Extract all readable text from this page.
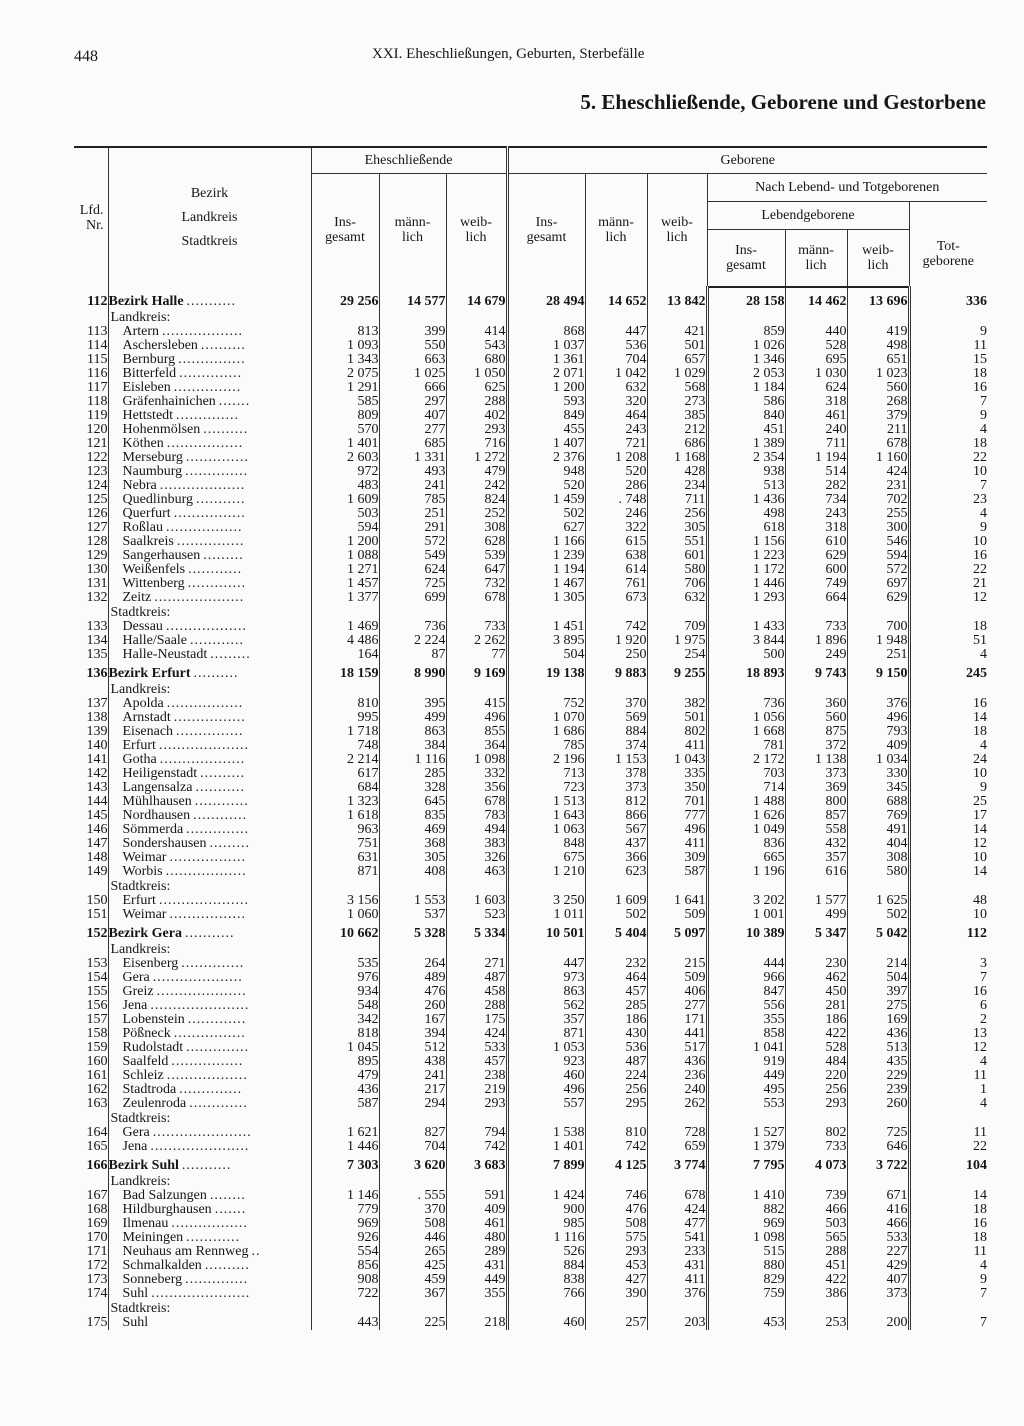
448	XXI. Eheschließungen, Geburten, Sterbefälle
5. Eheschließende, Geborene und Gestorbene
Lfd. Nr.	Bezirk
Landkreis
Stadtkreis	Eheschließende			Geborene						
		Ins- gesamt	männ- lich	weib- lich	Ins- gesamt	männ- lich	weib- lich	Nach Lebend- und Totgeborenen			
								Lebendgeborene			Tot- geborene
								Ins- gesamt	männ- lich	weib- lich	
112	Bezirk Halle ...........	29 256	14 577	14 679	28 494	14 652	13 842	28 158	14 462	13 696	336
	Landkreis:										
113	Artern ..................	813	399	414	868	447	421	859	440	419	9
114	Aschersleben ..........	1 093	550	543	1 037	536	501	1 026	528	498	11
115	Bernburg ...............	1 343	663	680	1 361	704	657	1 346	695	651	15
116	Bitterfeld ..............	2 075	1 025	1 050	2 071	1 042	1 029	2 053	1 030	1 023	18
117	Eisleben ...............	1 291	666	625	1 200	632	568	1 184	624	560	16
118	Gräfenhainichen .......	585	297	288	593	320	273	586	318	268	7
119	Hettstedt ..............	809	407	402	849	464	385	840	461	379	9
120	Hohenmölsen ..........	570	277	293	455	243	212	451	240	211	4
121	Köthen .................	1 401	685	716	1 407	721	686	1 389	711	678	18
122	Merseburg ..............	2 603	1 331	1 272	2 376	1 208	1 168	2 354	1 194	1 160	22
123	Naumburg ..............	972	493	479	948	520	428	938	514	424	10
124	Nebra ...................	483	241	242	520	286	234	513	282	231	7
125	Quedlinburg ...........	1 609	785	824	1 459	. 748	711	1 436	734	702	23
126	Querfurt ................	503	251	252	502	246	256	498	243	255	4
127	Roßlau .................	594	291	308	627	322	305	618	318	300	9
128	Saalkreis ...............	1 200	572	628	1 166	615	551	1 156	610	546	10
129	Sangerhausen .........	1 088	549	539	1 239	638	601	1 223	629	594	16
130	Weißenfels ............	1 271	624	647	1 194	614	580	1 172	600	572	22
131	Wittenberg .............	1 457	725	732	1 467	761	706	1 446	749	697	21
132	Zeitz ....................	1 377	699	678	1 305	673	632	1 293	664	629	12
	Stadtkreis:										
133	Dessau ..................	1 469	736	733	1 451	742	709	1 433	733	700	18
134	Halle/Saale ............	4 486	2 224	2 262	3 895	1 920	1 975	3 844	1 896	1 948	51
135	Halle-Neustadt .........	164	87	77	504	250	254	500	249	251	4
136	Bezirk Erfurt ..........	18 159	8 990	9 169	19 138	9 883	9 255	18 893	9 743	9 150	245
	Landkreis:										
137	Apolda .................	810	395	415	752	370	382	736	360	376	16
138	Arnstadt ................	995	499	496	1 070	569	501	1 056	560	496	14
139	Eisenach ...............	1 718	863	855	1 686	884	802	1 668	875	793	18
140	Erfurt ....................	748	384	364	785	374	411	781	372	409	4
141	Gotha ...................	2 214	1 116	1 098	2 196	1 153	1 043	2 172	1 138	1 034	24
142	Heiligenstadt ..........	617	285	332	713	378	335	703	373	330	10
143	Langensalza ...........	684	328	356	723	373	350	714	369	345	9
144	Mühlhausen ............	1 323	645	678	1 513	812	701	1 488	800	688	25
145	Nordhausen ............	1 618	835	783	1 643	866	777	1 626	857	769	17
146	Sömmerda ..............	963	469	494	1 063	567	496	1 049	558	491	14
147	Sondershausen .........	751	368	383	848	437	411	836	432	404	12
148	Weimar .................	631	305	326	675	366	309	665	357	308	10
149	Worbis ..................	871	408	463	1 210	623	587	1 196	616	580	14
	Stadtkreis:										
150	Erfurt ....................	3 156	1 553	1 603	3 250	1 609	1 641	3 202	1 577	1 625	48
151	Weimar .................	1 060	537	523	1 011	502	509	1 001	499	502	10
152	Bezirk Gera ...........	10 662	5 328	5 334	10 501	5 404	5 097	10 389	5 347	5 042	112
	Landkreis:										
153	Eisenberg ..............	535	264	271	447	232	215	444	230	214	3
154	Gera ....................	976	489	487	973	464	509	966	462	504	7
155	Greiz ....................	934	476	458	863	457	406	847	450	397	16
156	Jena ......................	548	260	288	562	285	277	556	281	275	6
157	Lobenstein .............	342	167	175	357	186	171	355	186	169	2
158	Pößneck ................	818	394	424	871	430	441	858	422	436	13
159	Rudolstadt ..............	1 045	512	533	1 053	536	517	1 041	528	513	12
160	Saalfeld ................	895	438	457	923	487	436	919	484	435	4
161	Schleiz ..................	479	241	238	460	224	236	449	220	229	11
162	Stadtroda ..............	436	217	219	496	256	240	495	256	239	1
163	Zeulenroda .............	587	294	293	557	295	262	553	293	260	4
	Stadtkreis:										
164	Gera ......................	1 621	827	794	1 538	810	728	1 527	802	725	11
165	Jena ......................	1 446	704	742	1 401	742	659	1 379	733	646	22
166	Bezirk Suhl ...........	7 303	3 620	3 683	7 899	4 125	3 774	7 795	4 073	3 722	104
	Landkreis:										
167	Bad Salzungen ........	1 146	. 555	591	1 424	746	678	1 410	739	671	14
168	Hildburghausen .......	779	370	409	900	476	424	882	466	416	18
169	Ilmenau .................	969	508	461	985	508	477	969	503	466	16
170	Meiningen ............	926	446	480	1 116	575	541	1 098	565	533	18
171	Neuhaus am Rennweg ..	554	265	289	526	293	233	515	288	227	11
172	Schmalkalden ..........	856	425	431	884	453	431	880	451	429	4
173	Sonneberg ..............	908	459	449	838	427	411	829	422	407	9
174	Suhl ......................	722	367	355	766	390	376	759	386	373	7
	Stadtkreis:										
175	Suhl	443	225	218	460	257	203	453	253	200	7
